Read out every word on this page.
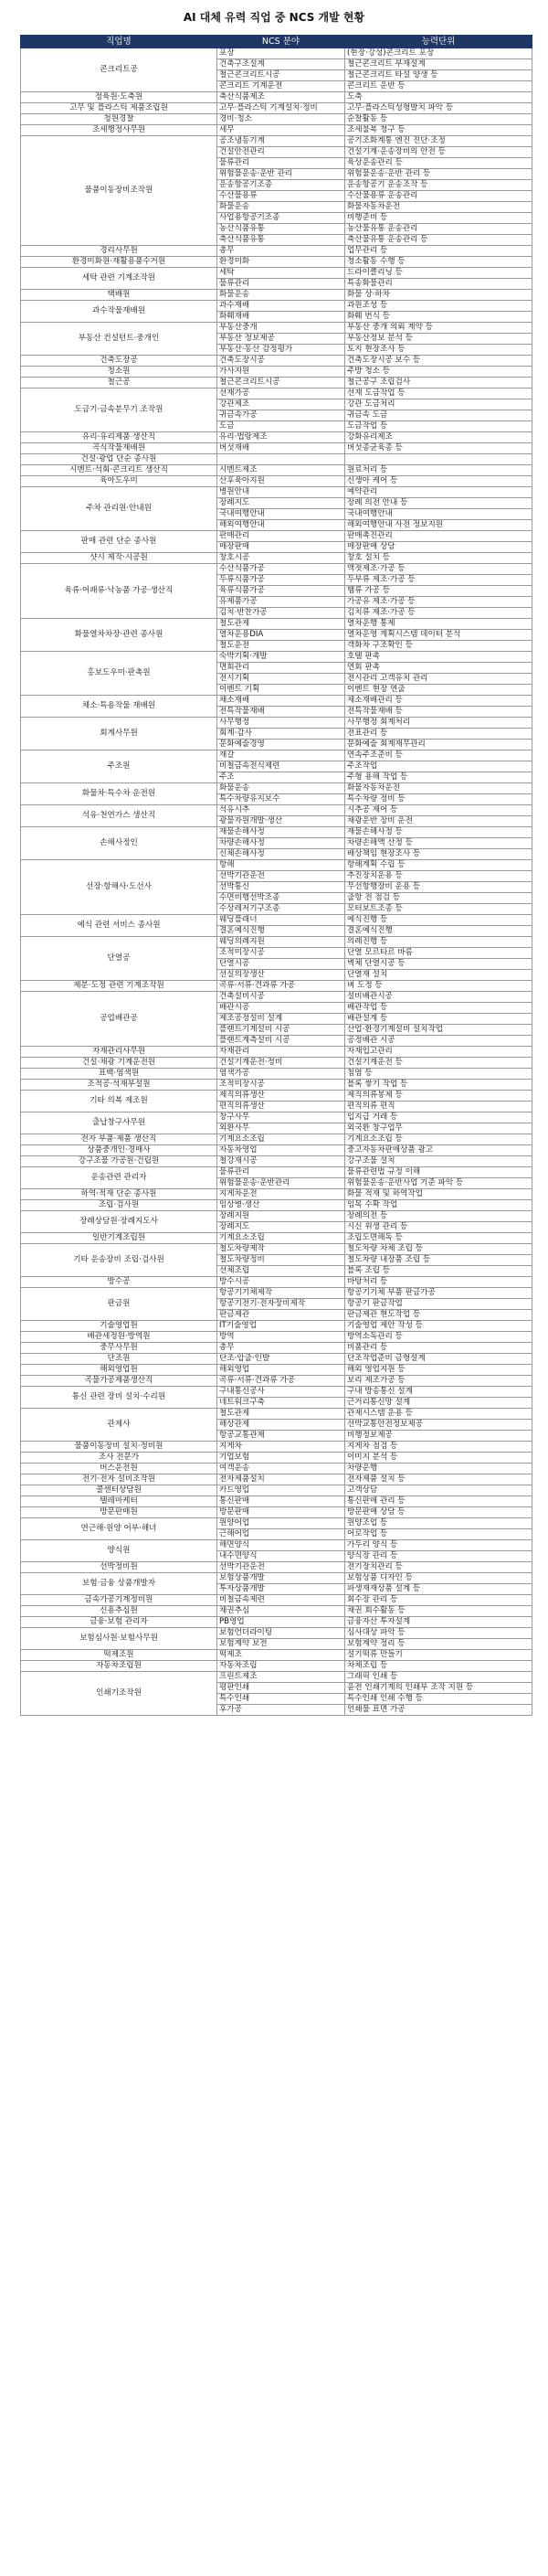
AI 대체 유력 직업 중 NCS 개발 현황
직업명	NCS 분야	능력단위
콘크리트공	포장	(현장·강성)콘크리트 포장
	건축구조설계	철근콘크리트 부재설계
	철근콘크리트시공	철근콘크리트 타설 양생 등
	콘크리트 기계운전	콘크리트 운반 등
정육원·도축원	축산식품제조	도축
고무 및 플라스틱 제품조립원	고무·플라스틱 기계설치·정비	고무·플라스틱성형발치 파악 등
청원경찰	경비·청소	순찰활동 등
조세행정사무원	세무	조세불복 청구 등
물품이동장비조작원	공조냉동기계	공기조화계통 엔진 진단·조정
	건설안전관리	건설기계·운송장비의 안전 등
	물류관리	육상운송관리 등
	위험물운송·운반 관리	위험물운송·운반 관리 등
	운송항공기조종	운송항공기 운송조작 등
	수산물용류	수산물용류 운송관리
	화물운송	화물자동차운전
	사업용항공기조종	비행준비 등
	농산식품유통	농산물유통 운송관리
	축산식품유통	축산물유통 운송관리 등
경리사무원	총무	업무관리 등
환경미화원·재활용품수거원	환경미화	청소활동 수행 등
세탁 관련 기계조작원	세탁	드라이클리닝 등
	물류관리	특송화물관리
택배원	화물운송	화물 상·하차
과수작물재배원	과수재배	과원조성 등
	화훼재배	화훼 번식 등
부동산 컨설턴트·중개인	부동산중개	부동산 중개 의뢰 계약 등
	부동산 정보제공	부동산정보 분석 등
	부동산·동산 감정평가	토지 현장조사 등
건축도장공	건축도장시공	건축도장시공 보수 등
청소원	가사지원	주방 청소 등
철근공	철근콘크리트시공	철근공구 조립검사
도금기·금속분무기 조작원	선재가공	선재 도금작업 등
	강관제조	강관 도금처리
	귀금속가공	귀금속 도금
	도금	도금작업 등
유리·유리제품 생산직	유리·법랑제조	강화유리제조
곡식작물재배원	버섯재배	버섯종균육종 등
건설·광업 단순 종사원		
시멘트·석회·콘크리트 생산직	시멘트제조	원료처리 등
육아도우미	산후육아지원	신생아 케어 등
주차 관리원·안내원	병원안내	예약관리
	장례지도	장례 의전 안내 등
	국내여행안내	국내여행안내
	해외여행안내	해외여행안내 사전 정보지원
판매 관련 단순 종사원	판매관리	판매촉진관리
	매장판매	매장판매 상담
샷시 제작·시공원	창호시공	창호 설치 등
육류·어패류·낙농품 가공·생산직	수산식품가공	액젓제조·가공 등
	두류식품가공	두부류 제조·가공 등
	육류식품가공	햄류 가공 등
	유제품가공	가공유 제조·가공 등
	김치·반찬가공	김치류 제조·가공 등
화물열차차장·관련 종사원	철도관제	열차운행 통제
	열차운용DIA	열차운영 계획시스템 데이터 분석
	철도운전	객화차 구조확인 등
홍보도우미·판촉원	숙박기획·개발	호텔 판촉
	면회관리	연회 판촉
	전시기획	전시관리 고객유치 관리
	이벤트 기획	이벤트 현장 연출
채소·특용작물 재배원	채소재배	채소재배관리 등
	전특작물재배	전특작물재배 등
회계사무원	사무행정	사무행정 회계처리
	회계·감사	전표관리 등
	문화예술경영	문화예술 회계재무관리
주조원	재갈	연속주조준비 등
	비철금속전식제련	주조작업
	주조	주형 용해 작업 등
화물차·특수차 운전원	화물운송	화물자동차운전
	특수차량유지보수	특수차량 정비 등
석유·천연가스 생산직	석유시추	시추공 제어 등
	광물자원개발·생산	채광운반 장비 운전
손해사정인	재물손해사정	재물손해사정 등
	차량손해사정	차량손해액 산정 등
	신체손해사정	배상책임 현장조사 등
선장·항해사·도선사	항해	항해계획 수립 등
	선박기관운전	추진장치운용 등
	선박통신	무선항행장비 운용 등
	수면비행선박조종	출항 전 점검 등
	수상레저기구조종	모터보트조종 등
예식 관련 서비스 종사원	웨딩플래너	예식진행 등
	결혼예식진행	결혼예식진행
단열공	웨딩의례지원	의례진행 등
	조적미장시공	단열 모르타르 바름
	단열시공	벽체 단열시공 등
	선실의장생산	단열재 설치
제분·도정 관련 기계조작원	곡류·서류·견과류 가공	벼 도정 등
공업배관공	건축설비시공	설비배관시공
	배관시공	배관작업 등
	제조공정설비 설계	배관설계 등
	플랜트기계설비 시공	산업·환경기계설비 설치작업
	플랜트계측설비 시공	공정배관 시공
자재관리사무원	자재관리	자재입고관리
건설·채광 기계운전원	건설기계운전·정비	건설기계운전 등
표백·염색원	염색가공	침염 등
조적공·석재부설원	조적미장시공	블록 쌓기 작업 등
기타 의복 제조원	제직의류생산	제직의류봉제 등
	편직의류생산	편직의류 편직
출납창구사무원	창구사무	입지급 거래 등
	외환사무	외국환 창구업무
전자 부품·제품 생산직	기계요소조립	기계요소조립 등
상품중개인·경매사	자동차영업	중고자동차판매상품 광고
강구조물 가공원·건립원	철강재시공	강구조물 설치
운송관련 관리자	물류관리	물류관련법 규정 이해
	위험물운송·운반관리	위험물운송·운반사업 기준 파악 등
하역·적재 단순 종사원	지게차운전	화물 적재 및 하역작업
조립·검사원	임상병·생산	임목 수확 작업
장례상담원·장례지도사	장례지원	장례의전 등
	장례지도	시신 위생 관리 등
일반기계조립원	기계요소조립	조립도면해독 등
기타 운송장비 조립·검사원	철도차량제작	철도차량 차체 조립 등
	철도차량정비	철도차량 내장품 조립 등
	선체조립	블록 조립 등
방수공	방수시공	바탕처리 등
판금원	항공기기체제작	항공기기체 부품 판금가공
	항공기전기·전자장비제작	항공기 판금작업
	판금제관	판금제관 현도작업 등
기술영업원	IT기술영업	기술영업 제안 작성 등
배관세정원·방역원	방역	방역소독관리 등
중무사무원	총무	비품관리 등
단조원	단조·압출·인발	단조작업준비 금형설계
해외영업원	해외영업	해외 영업지원 등
곡물가공제품생산직	곡류·서류·견과류 가공	보리 제조가공 등
통신 관련 장비 설치·수리원	구내통신공사	구내 방송통신 설계
	네트워크구축	근거리통신망 설계
관제사	철도관제	관제시스템 운용 등
	해상관제	선박교통안전정보제공
	항공교통관제	비행정보제공
물품이동장비 설치·정비원	지게차	지게차 점검 등
조사 전문가	기업보험	이미지 분석 등
버스운전원	여객운송	차량운행
전기·전자 설비조작원	전자제품설치	전자제품 설치 등
콜센터상담원	카드영업	고객상담
텔레마케터	통신판매	통신판매 관리 등
방문판매원	방문판매	방문판매 상담 등
연근해·원양 어부·해녀	원양어업	원양조업 등
	근해어업	어로작업 등
양식원	해면양식	가두리 양식 등
	내수면양식	양식장 관리 등
선박정비원	선박기관운전	전기장치관리 등
보험·금융 상품개발자	보험상품개발	보험상품 디자인 등
	투자상품개발	파생재재상품 설계 등
금속가공기계정비원	비철금속제련	회수장 관리 등
신용추심원	채권추심	채권 회수활동 등
금융·보험 관리자	PB영업	금융자산 투자설계
보험심사원·보험사무원	보험언더라이팅	심사대상 파악 등
	보험계약 보전	보험계약 정리 등
떡제조원	떡제조	설기떡류 만들기
자동차조립원	자동차조립	차체조립 등
인쇄기조작원	프린트제조	그래픽 인쇄 등
	평판인쇄	윤전 인쇄기계의 인쇄부 조작 지원 등
	특수인쇄	특수인쇄 인쇄 수행 등
	후가공	인쇄물 표면 가공
